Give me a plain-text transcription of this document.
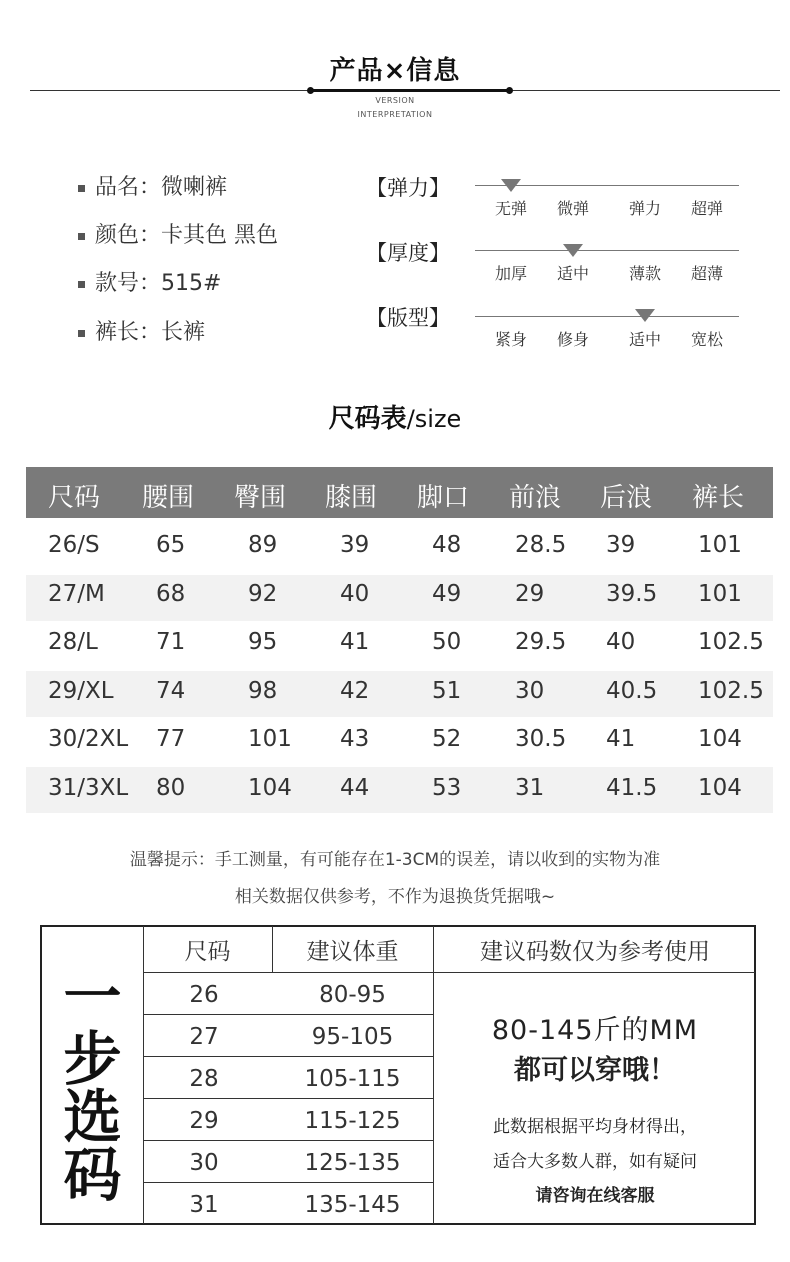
产品×信息
VERSION
INTERPRETATION
品名：微喇裤
颜色：卡其色 黑色
款号：515#
裤长：长裤
【弹力】
无弹	微弹	弹力	超弹
【厚度】
加厚	适中	薄款	超薄
【版型】
紧身	修身	适中	宽松
尺码表/size
尺码 腰围 臀围 膝围 脚口 前浪 后浪 裤长
26/S 65	89	39	48 28.5 39	101
27/M 68	92	40	49 29	39.5 101
28/L	71	95	41	50 29.5 40	102.5
29/XL 74	98	42	51 30	40.5 102.5
30/2XL 77	101 43	52 30.5 41	104
31/3XL 80	104 44	53 31	41.5 104
温馨提示：手工测量，有可能存在1-3CM的误差，请以收到的实物为准
相关数据仅供参考，不作为退换货凭据哦~
一
步
选
码
尺码	建议体重	建议码数仅为参考使用
26	80-95
27	95-105
28	105-115
29	115-125
30	125-135
31	135-145
80-145斤的MM
都可以穿哦！
此数据根据平均身材得出，
适合大多数人群，如有疑问
请咨询在线客服
